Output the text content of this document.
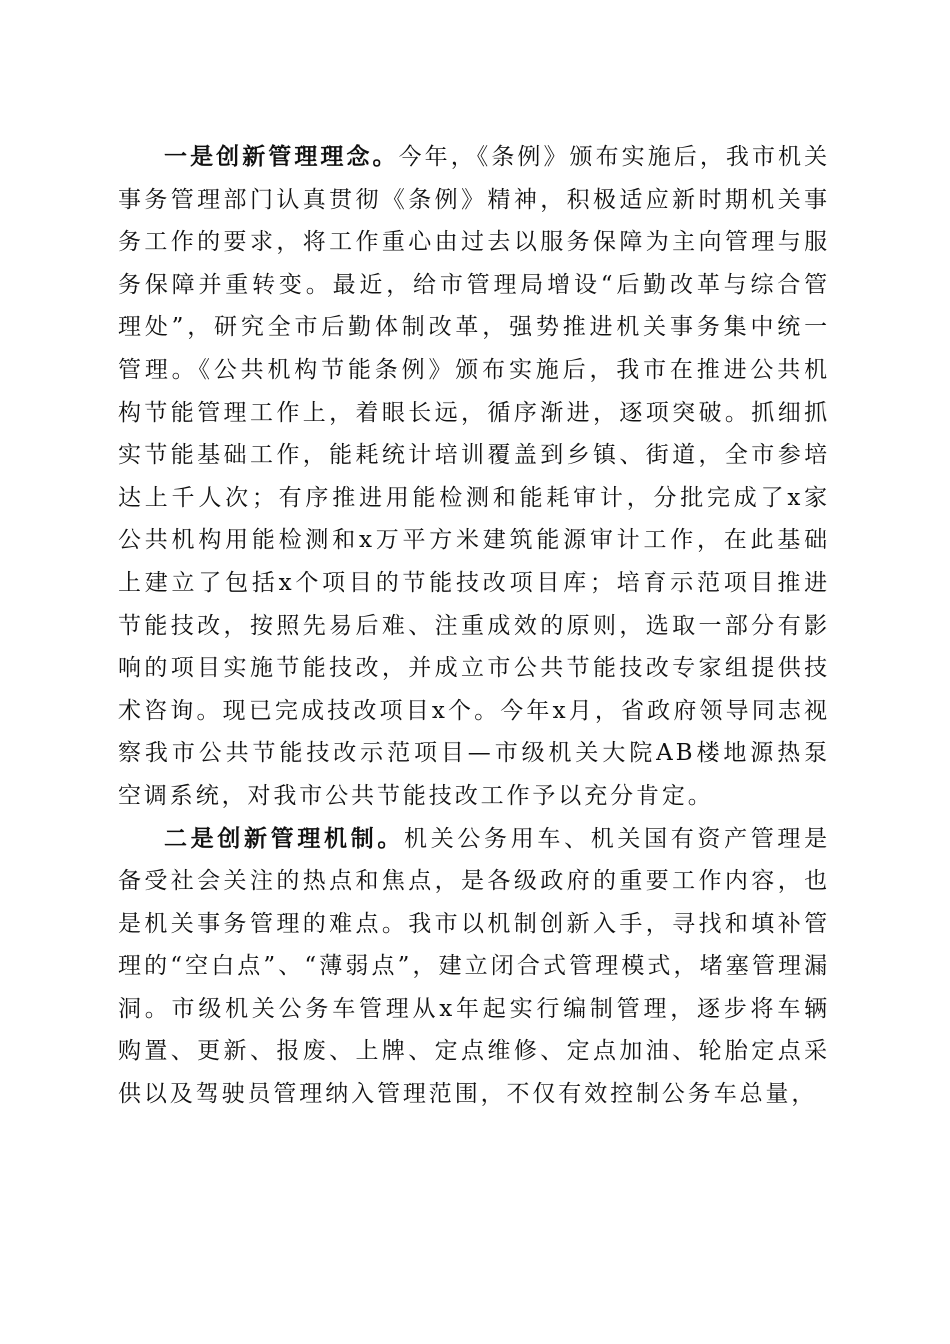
一是创新管理理念。今年，《条例》颁布实施后，我市机关事务管理部门认真贯彻《条例》精神，积极适应新时期机关事务工作的要求，将工作重心由过去以服务保障为主向管理与服务保障并重转变。最近，给市管理局增设“后勤改革与综合管理处”，研究全市后勤体制改革，强势推进机关事务集中统一管理。《公共机构节能条例》颁布实施后，我市在推进公共机构节能管理工作上，着眼长远，循序渐进，逐项突破。抓细抓实节能基础工作，能耗统计培训覆盖到乡镇、街道，全市参培达上千人次；有序推进用能检测和能耗审计，分批完成了x家公共机构用能检测和x万平方米建筑能源审计工作，在此基础上建立了包括x个项目的节能技改项目库；培育示范项目推进节能技改，按照先易后难、注重成效的原则，选取一部分有影响的项目实施节能技改，并成立市公共节能技改专家组提供技术咨询。现已完成技改项目x个。今年x月，省政府领导同志视察我市公共节能技改示范项目—市级机关大院AB楼地源热泵空调系统，对我市公共节能技改工作予以充分肯定。

二是创新管理机制。机关公务用车、机关国有资产管理是备受社会关注的热点和焦点，是各级政府的重要工作内容，也是机关事务管理的难点。我市以机制创新入手，寻找和填补管理的“空白点”、“薄弱点”，建立闭合式管理模式，堵塞管理漏洞。市级机关公务车管理从x年起实行编制管理，逐步将车辆购置、更新、报废、上牌、定点维修、定点加油、轮胎定点采供以及驾驶员管理纳入管理范围，不仅有效控制公务车总量，
